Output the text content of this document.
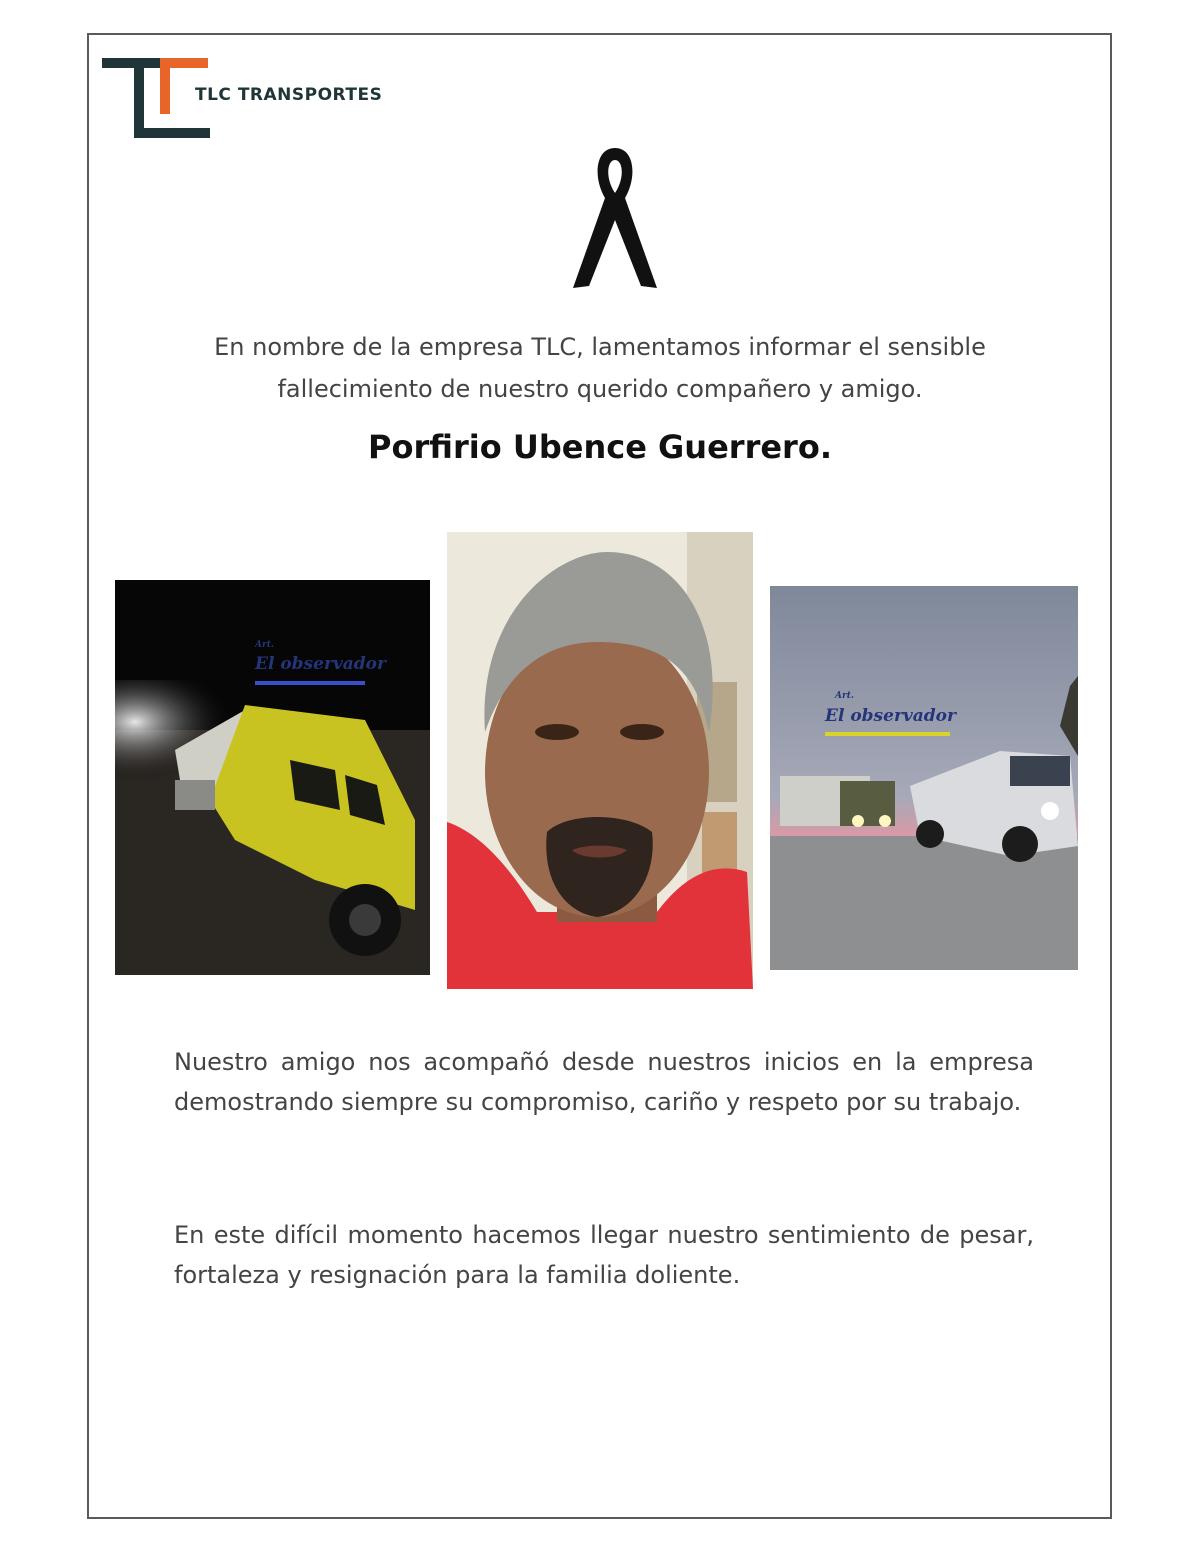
TLC TRANSPORTES
En nombre de la empresa TLC, lamentamos informar el sensible fallecimiento de nuestro querido compañero y amigo.
Porfirio Ubence Guerrero.
Art.
El observador
Art.
El observador
Nuestro amigo nos acompañó desde nuestros inicios en la empresa demostrando siempre su compromiso, cariño y respeto por su trabajo.
En este difícil momento hacemos llegar nuestro sentimiento de pesar, fortaleza y resignación para la familia doliente.
